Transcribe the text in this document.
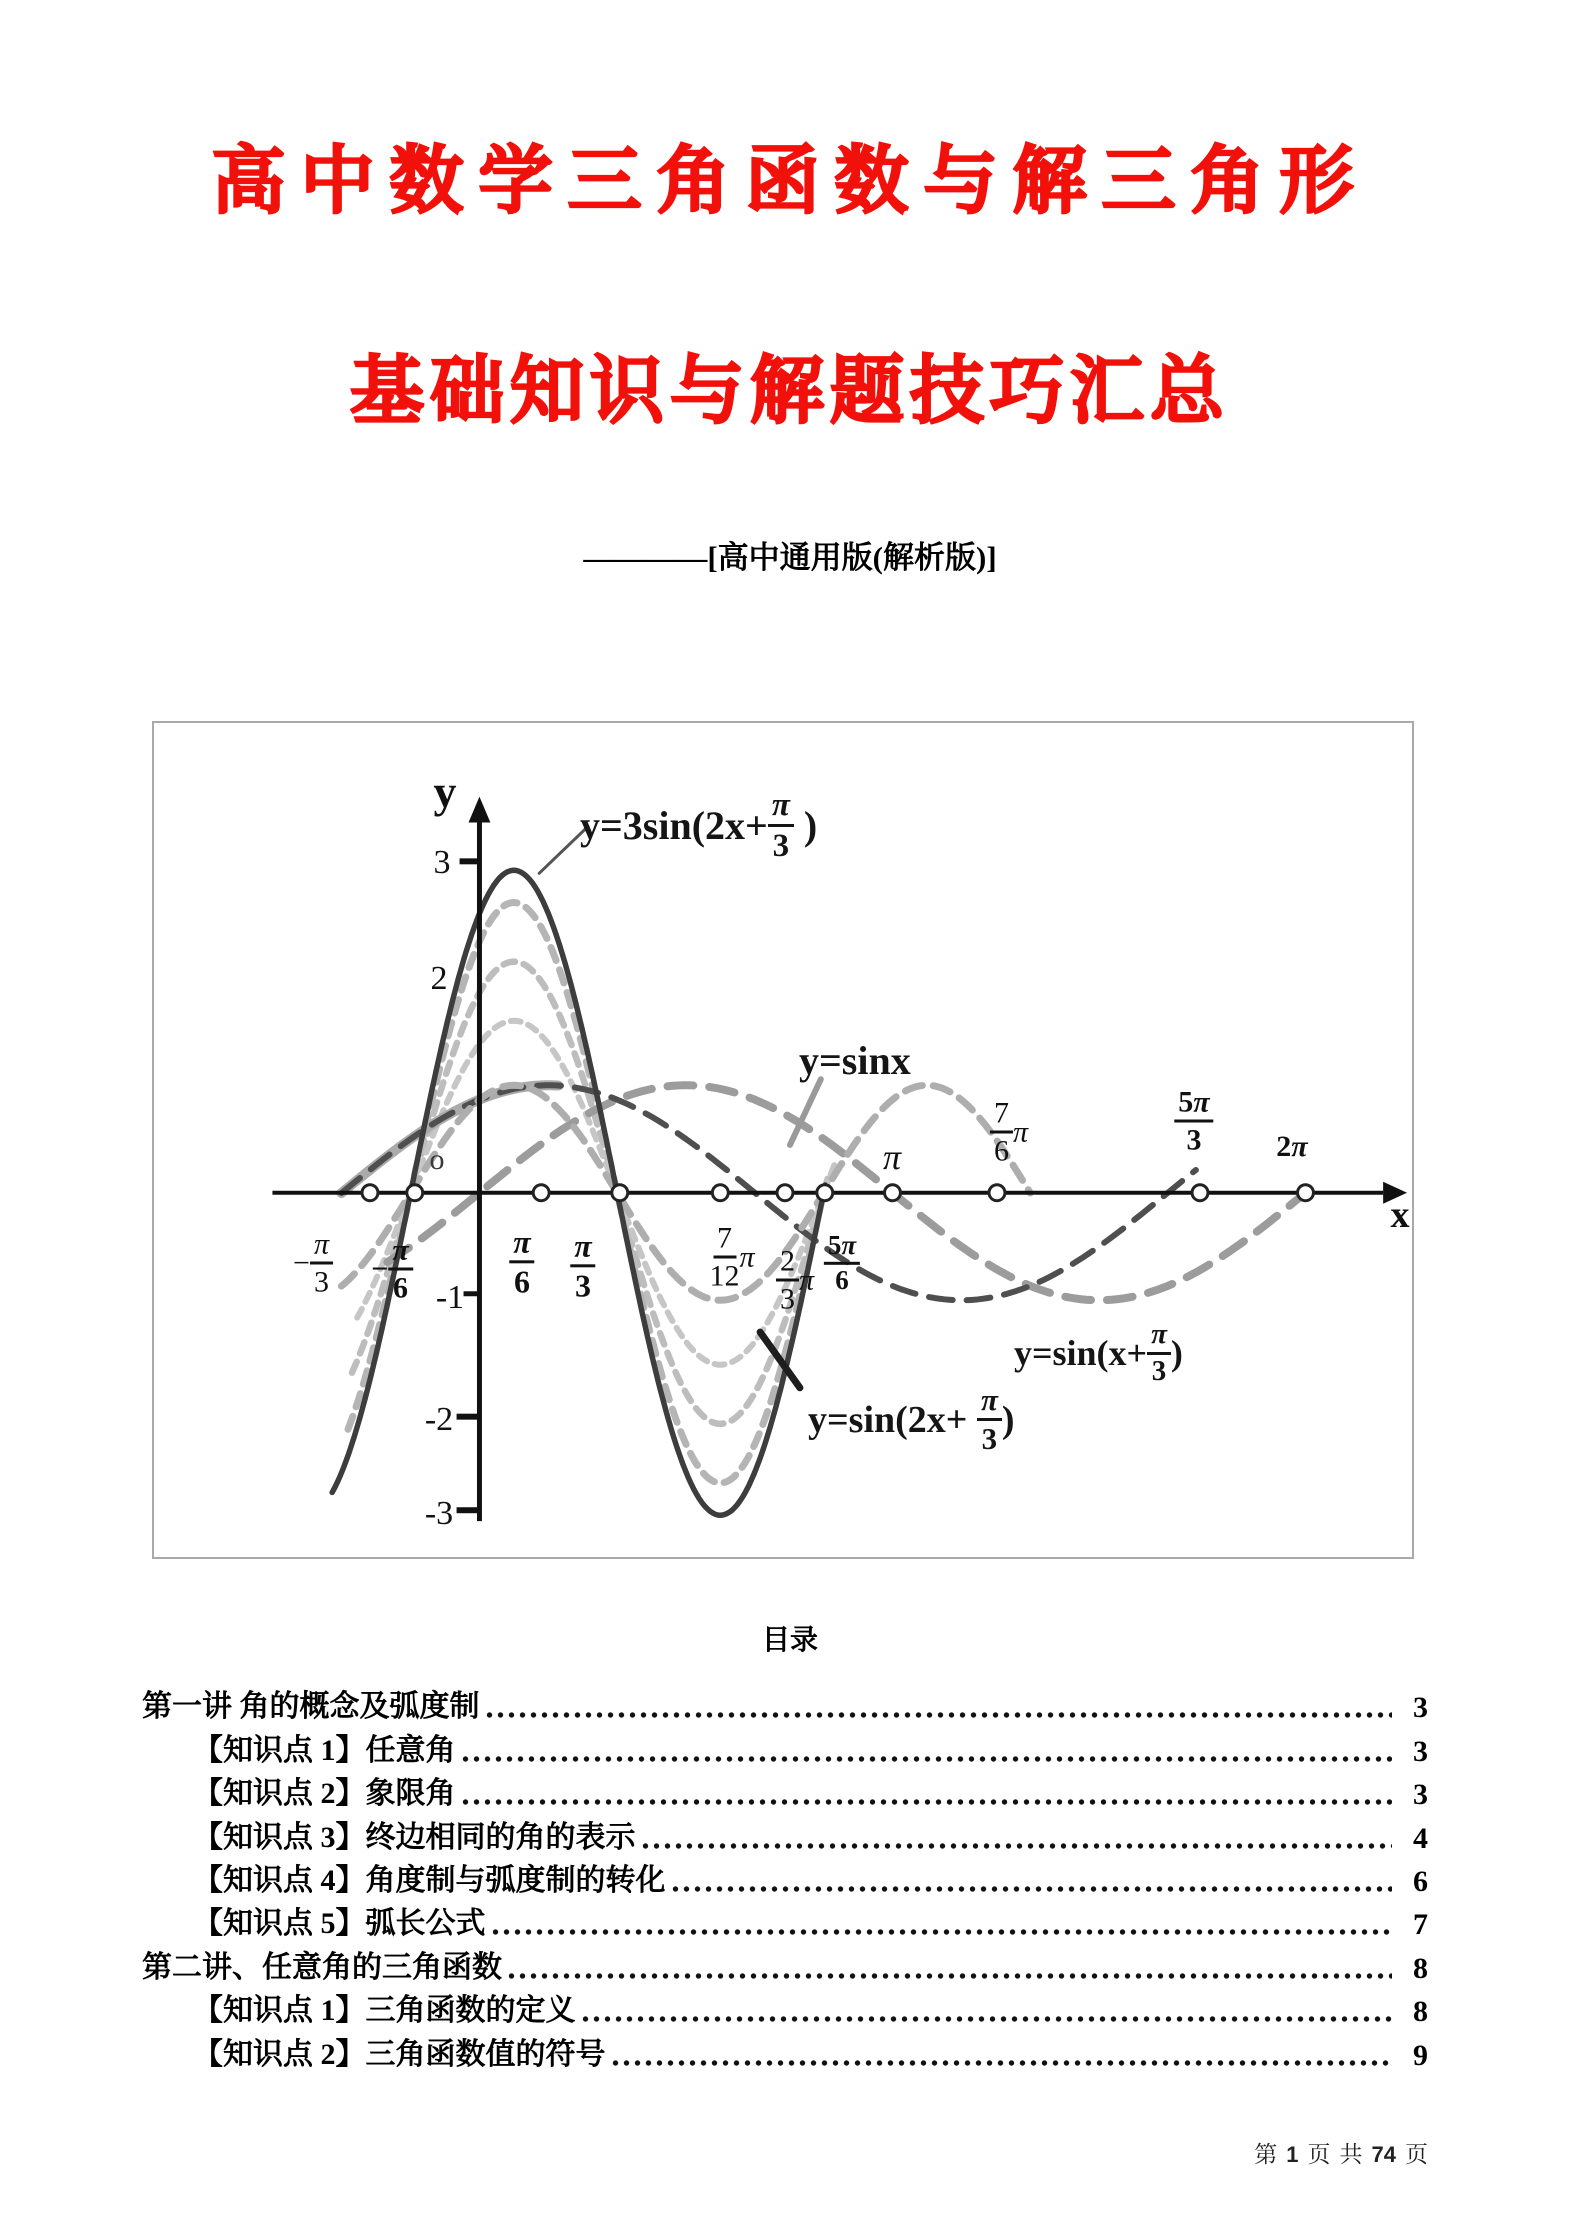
高中数学三角函数与解三角形
基础知识与解题技巧汇总
————[高中通用版(解析版)]
3
2
-1
-2
-3
− $\frac{\pi}{3} - \frac{\pi}{6}$	$\frac{\pi}{6} \frac{\pi}{3}$	$\frac{7}{12}$ π $\frac{2}{3}$ π $\frac{5\pi}{6}$
π	$\frac{7}{6}$ π	$\frac{5\pi}{3} 2$ π
o
y
x
$y=3\sin(2x+ \frac{\pi}{3}$ )
y=sinx
$y=\sin(x+ \frac{\pi}{3}$ )
$y=\sin(2x+ \frac{\pi}{3}$ )
目录
第一讲 角的概念及弧度制	3
【知识点 1】任意角	3
【知识点 2】象限角	3
【知识点 3】终边相同的角的表示	4
【知识点 4】角度制与弧度制的转化	6
【知识点 5】弧长公式	7
第二讲、任意角的三角函数	8
【知识点 1】三角函数的定义	8
【知识点 2】三角函数值的符号	9
第 1 页 共 74 页
